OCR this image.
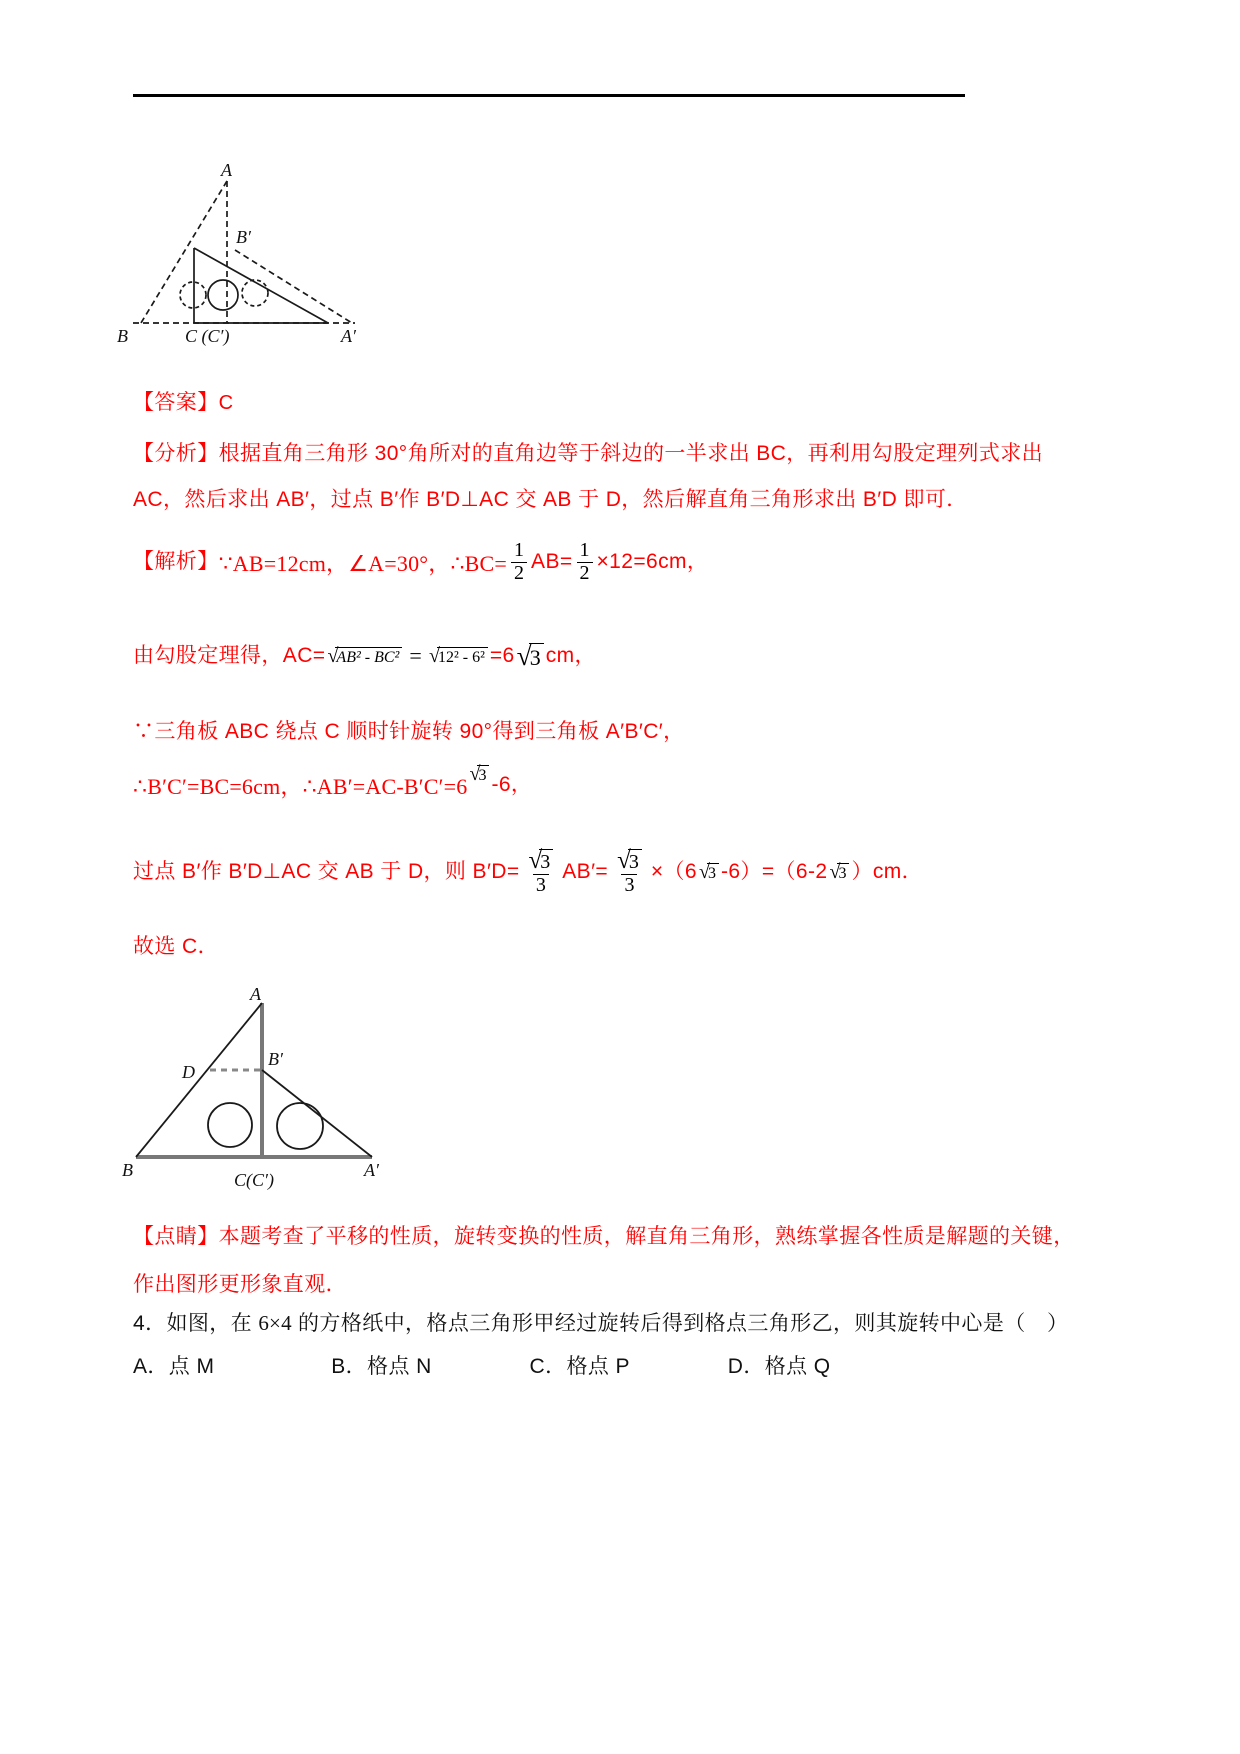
A
B′
B	C (C′)	A′
【答案】C
【分析】根据直角三角形 30°角所对的直角边等于斜边的一半求出 BC，再利用勾股定理列式求出
AC，然后求出 AB′，过点 B′作 B′D⊥AC 交 AB 于 D，然后解直角三角形求出 B′D 即可．
【解析】 ∵AB=12cm，∠A=30°，∴BC= $\frac{1}{2} AB= \frac{1}{2} \times 12=6cm$，
由勾股定理得，AC= √AB² - BC² = √12² - 6² =6 √3 cm，
∵三角板 ABC 绕点 C 顺时针旋转 90°得到三角板 A′B′C′，
∴B′C′=BC=6cm，∴AB′=AC-B′C′=6 √3 -6，
过点 B′作 B′D⊥AC 交 AB 于 D，则 $B'D= \frac{√3}{3} AB'= \frac{√3}{3} \times(6$ √3 -6）=（6-2 √3 ）cm．
故选 C．
A
D
B′
B	C(C′)	A′
【点睛】本题考查了平移的性质，旋转变换的性质，解直角三角形，熟练掌握各性质是解题的关键，
作出图形更形象直观．
4．如图，在 6×4 的方格纸中，格点三角形甲经过旋转后得到格点三角形乙，则其旋转中心是（　）
A．点 M	B．格点 N	C．格点 P	D．格点 Q
